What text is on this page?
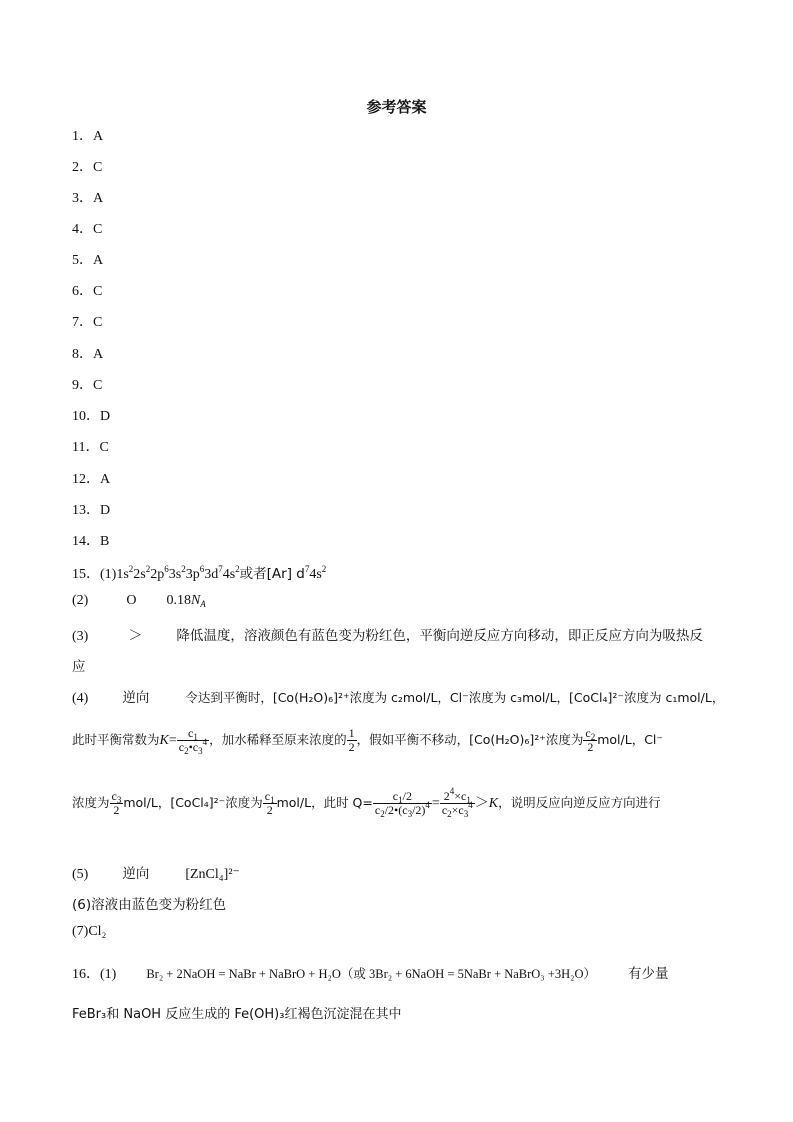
参考答案
1．A
2．C
3．A
4．C
5．A
6．C
7．C
8．A
9．C
10．D
11．C
12．A
13．D
14．B
15．$(1)1s^22s^22p^63s^23p^63d^74s^2$或者[Ar] $d^74s^2$
(2)	O $0.18N_A$
(3)	＞	降低温度，溶液颜色有蓝色变为粉红色，平衡向逆反应方向移动，即正反应方向为吸热反
应
(4)	逆向	令达到平衡时，[Co(H₂O)₆]²⁺浓度为 c₂mol/L，Cl⁻浓度为 c₃mol/L，[CoCl₄]²⁻浓度为 c₁mol/L，
此时平衡常数为$K= \frac{c_1}{c_2•c_3^4}$ ，加水稀释至原来浓度的 $\frac{1}{2}$ ，假如平衡不移动，[Co(H₂O)₆]²⁺浓度为 $\frac{c_2}{2} mol/L$，Cl⁻
浓度为 $\frac{c_3}{2} mol/L$，[CoCl₄]²⁻浓度为 $\frac{c_1}{2} mol/L$，此时 $Q= \frac{c_1/2}{c_2/2•(c_3/2)^4} = \frac{2^4\times c_1}{c_2\times c_3^4} >K$，说明反应向逆反应方向进行
(5)	逆向	[ZnCl₄]²⁻
(6)溶液由蓝色变为粉红色
(7)Cl₂
16．(1) Br₂ + 2NaOH = NaBr + NaBrO + H₂O（或 3Br₂ + 6NaOH = 5NaBr + NaBrO₃ +3H₂O） 有少量
FeBr₃和 NaOH 反应生成的 Fe(OH)₃红褐色沉淀混在其中
